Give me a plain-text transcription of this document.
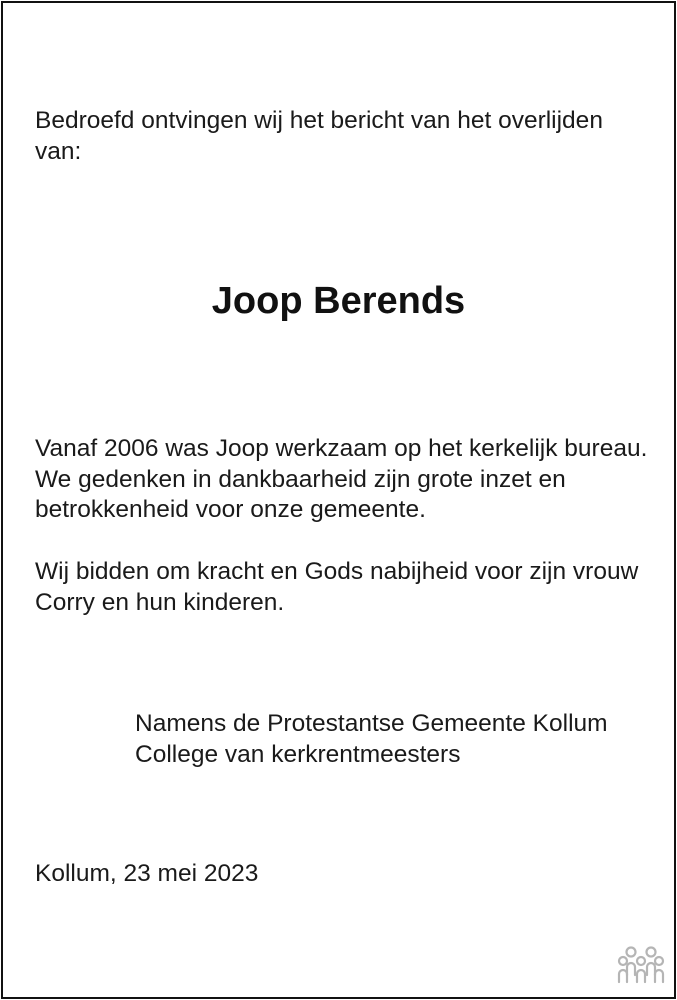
Bedroefd ontvingen wij het bericht van het overlijden van:

Joop Berends

Vanaf 2006 was Joop werkzaam op het kerkelijk bureau. We gedenken in dankbaarheid zijn grote inzet en betrokkenheid voor onze gemeente.

Wij bidden om kracht en Gods nabijheid voor zijn vrouw Corry en hun kinderen.

Namens de Protestantse Gemeente Kollum
College van kerkrentmeesters

Kollum, 23 mei 2023
